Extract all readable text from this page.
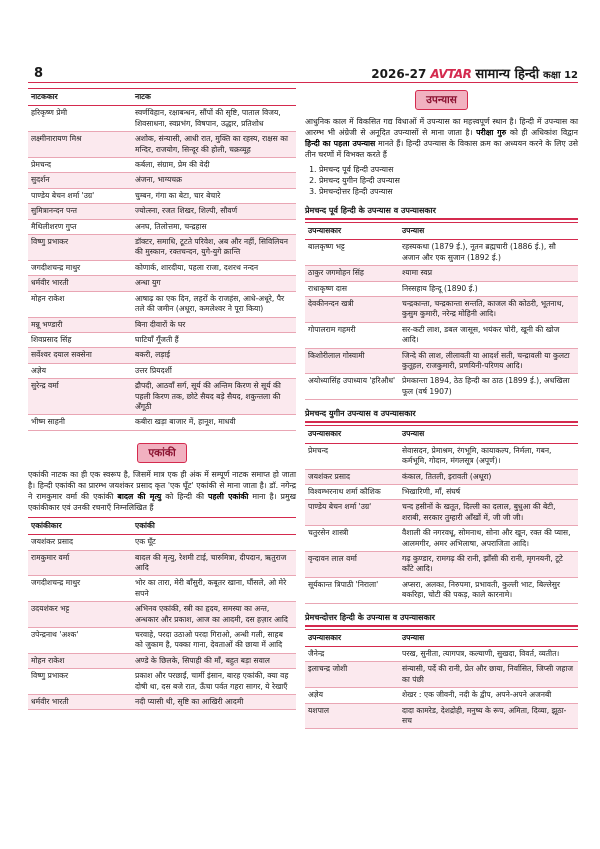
8	2026-27 AVTAR सामान्य हिन्दी कक्षा 12
नाटककार	नाटक
हरिकृष्ण प्रेमी	स्वर्णविहान, रक्षाबन्धन, सौंपों की सृष्टि, पाताल विजय, शिवसाधना, स्वप्नभंग, विषपान, उद्धार, प्रतिशोध
लक्ष्मीनारायण मिश्र	अशोक, संन्यासी, आधी रात, मुक्ति का रहस्य, राक्षस का मन्दिर, राजयोग, सिन्दूर की होली, चक्रव्यूह
प्रेमचन्द	कर्बला, संग्राम, प्रेम की वेदी
सुदर्शन	अंजना, भाग्यचक्र
पाण्डेय बेचन शर्मा 'उग्र'	चुम्बन, गंगा का बेटा, चार बेचारे
सुमित्रानन्दन पन्त	ज्योत्स्ना, रजत शिखर, शिल्पी, सौवर्ण
मैथिलीशरण गुप्त	अनघ, तिलोत्तमा, चन्द्रहास
विष्णु प्रभाकर	डॉक्टर, समाधि, टूटते परिवेश, अब और नहीं, सिविलियन की मुस्कान, रक्तचन्दन, युगे-युगे क्रान्ति
जगदीशचन्द्र माथुर	कोणार्क, शारदीया, पहला राजा, दशरथ नन्दन
धर्मवीर भारती	अन्धा युग
मोहन राकेश	आषाढ़ का एक दिन, लहरों के राजहंस, आधे-अधूरे, पैर तले की जमीन (अधूरा, कमलेश्वर ने पूरा किया)
मन्नू भण्डारी	बिना दीवारों के घर
शिवप्रसाद सिंह	घाटियाँ गूँजती हैं
सर्वेश्वर दयाल सक्सेना	बकरी, लड़ाई
अज्ञेय	उत्तर प्रियदर्शी
सुरेन्द्र वर्मा	द्रौपदी, आठवाँ सर्ग, सूर्य की अन्तिम किरण से सूर्य की पहली किरण तक, छोटे सैयद बड़े सैयद, शकुन्तला की अँगूठी
भीष्म साहनी	कबीरा खड़ा बाजार में, हानूश, माधवी
एकांकी

एकांकी नाटक का ही एक स्वरूप है, जिसमें मात्र एक ही अंक में सम्पूर्ण नाटक समाप्त हो जाता है। हिन्दी एकांकी का प्रारम्भ जयशंकर प्रसाद कृत 'एक घूँट' एकांकी से माना जाता है। डॉ. नगेन्द्र ने रामकुमार वर्मा की एकांकी बादल की मृत्यु को हिन्दी की पहली एकांकी माना है। प्रमुख एकांकीकार एवं उनकी रचनाएँ निम्नलिखित हैं

एकांकीकार	एकांकी
जयशंकर प्रसाद	एक घूँट
रामकुमार वर्मा	बादल की मृत्यु, रेशमी टाई, चारुमित्रा, दीपदान, ऋतुराज आदि
जगदीशचन्द्र माथुर	भोर का तारा, मेरी बाँसुरी, कबूतर खाना, घौंसले, ओ मेरे सपने
उदयशंकर भट्ट	अभिनव एकांकी, स्त्री का हृदय, समस्या का अन्त, अन्धकार और प्रकाश, आज का आदमी, दस हज़ार आदि
उपेन्द्रनाथ 'अश्क'	चरवाहे, परदा उठाओ परदा गिराओ, अन्धी गली, साहब को जुकाम है, पक्का गाना, देवताओं की छाया में आदि
मोहन राकेश	अण्डे के छिलके, सिपाही की माँ, बहुत बड़ा सवाल
विष्णु प्रभाकर	प्रकाश और परछाईं, चार्मी इंसान, बारह एकांकी, क्या वह दोषी था, दस बजे रात, ऊँचा पर्वत गहरा सागर, ये रेखाएँ
धर्मवीर भारती	नदी प्यासी थी, सृष्टि का आखिरी आदमी
उपन्यास

आधुनिक काल में विकसित गद्य विधाओं में उपन्यास का महत्त्वपूर्ण स्थान है। हिन्दी में उपन्यास का आरम्भ भी अंग्रेजी से अनूदित उपन्यासों से माना जाता है। परीक्षा गुरु को ही अधिकांश विद्वान हिन्दी का पहला उपन्यास मानते हैं। हिन्दी उपन्यास के विकास क्रम का अध्ययन करने के लिए उसे तीन चरणों में विभक्त करते हैं

1. प्रेमचन्द पूर्व हिन्दी उपन्यास
2. प्रेमचन्द युगीन हिन्दी उपन्यास
3. प्रेमचन्दोत्तर हिन्दी उपन्यास
प्रेमचन्द पूर्व हिन्दी के उपन्यास व उपन्यासकार
उपन्यासकार	उपन्यास
बालकृष्ण भट्ट	रहस्यकथा (1879 ई.), नूतन ब्रह्मचारी (1886 ई.), सौ अजान और एक सुजान (1892 ई.)
ठाकुर जगमोहन सिंह	श्यामा स्वप्न
राधाकृष्ण दास	निस्सहाय हिन्दू (1890 ई.)
देवकीनन्दन खत्री	चन्द्रकान्ता, चन्द्रकान्ता सन्तति, काजल की कोठरी, भूतनाथ, कुसुम कुमारी, नरेन्द्र मोहिनी आदि।
गोपालराम गहमरी	सर-कटी लाश, डबल जासूस, भयंकर चोरी, खूनी की खोज आदि।
किशोरीलाल गोस्वामी	जिन्दे की लाश, लीलावती या आदर्श सती, चन्द्रावली या कुलटा कुतूहल, राजकुमारी, प्रणयिनी-परिणय आदि।
अयोध्यासिंह उपाध्याय 'हरिऔध'	प्रेमकान्ता 1894, ठेठ हिन्दी का ठाठ (1899 ई.), अधखिला फूल (वर्ष 1907)
प्रेमचन्द युगीन उपन्यास व उपन्यासकार
उपन्यासकार	उपन्यास
प्रेमचन्द	सेवासदन, प्रेमाश्रम, रंगभूमि, कायाकल्प, निर्मला, गबन, कर्मभूमि, गोदान, मंगलसूत्र (अपूर्ण)।
जयशंकर प्रसाद	कंकाल, तितली, इरावती (अधूरा)
विश्वम्भरनाथ शर्मा कौशिक	भिखारिणी, माँ, संघर्ष
पाण्डेय बेचन शर्मा 'उग्र'	चन्द हसीनों के खतूत, दिल्ली का दलाल, बुधुआ की बेटी, शराबी, सरकार तुम्हारी आँखों में, जी जी जी।
चतुरसेन शास्त्री	वैशाली की नगरवधू, सोमनाथ, सोना और खून, रक्त की प्यास, आलमगीर, अमर अभिलाषा, अपराजिता आदि।
वृन्दावन लाल वर्मा	गढ़ कुण्डार, रामगढ़ की रानी, झाँसी की रानी, मृगनयनी, टूटे काँटे आदि।
सूर्यकान्त त्रिपाठी 'निराला'	अप्सरा, अलका, निरुपमा, प्रभावती, कुल्ली भाट, बिल्लेसुर बकरिहा, चोटी की पकड़, काले कारनामे।
प्रेमचन्दोत्तर हिन्दी के उपन्यास व उपन्यासकार
उपन्यासकार	उपन्यास
जैनेन्द्र	परख, सुनीता, त्यागपत्र, कल्याणी, सुखदा, विवर्त, व्यतीत।
इलाचन्द्र जोशी	संन्यासी, पर्दे की रानी, प्रेत और छाया, निर्वासित, जिप्सी जहाज का पंछी
अज्ञेय	शेखर : एक जीवनी, नदी के द्वीप, अपने-अपने अजनबी
यशपाल	दादा कामरेड, देशद्रोही, मनुष्य के रूप, अमिता, दिव्या, झूठा-सच
